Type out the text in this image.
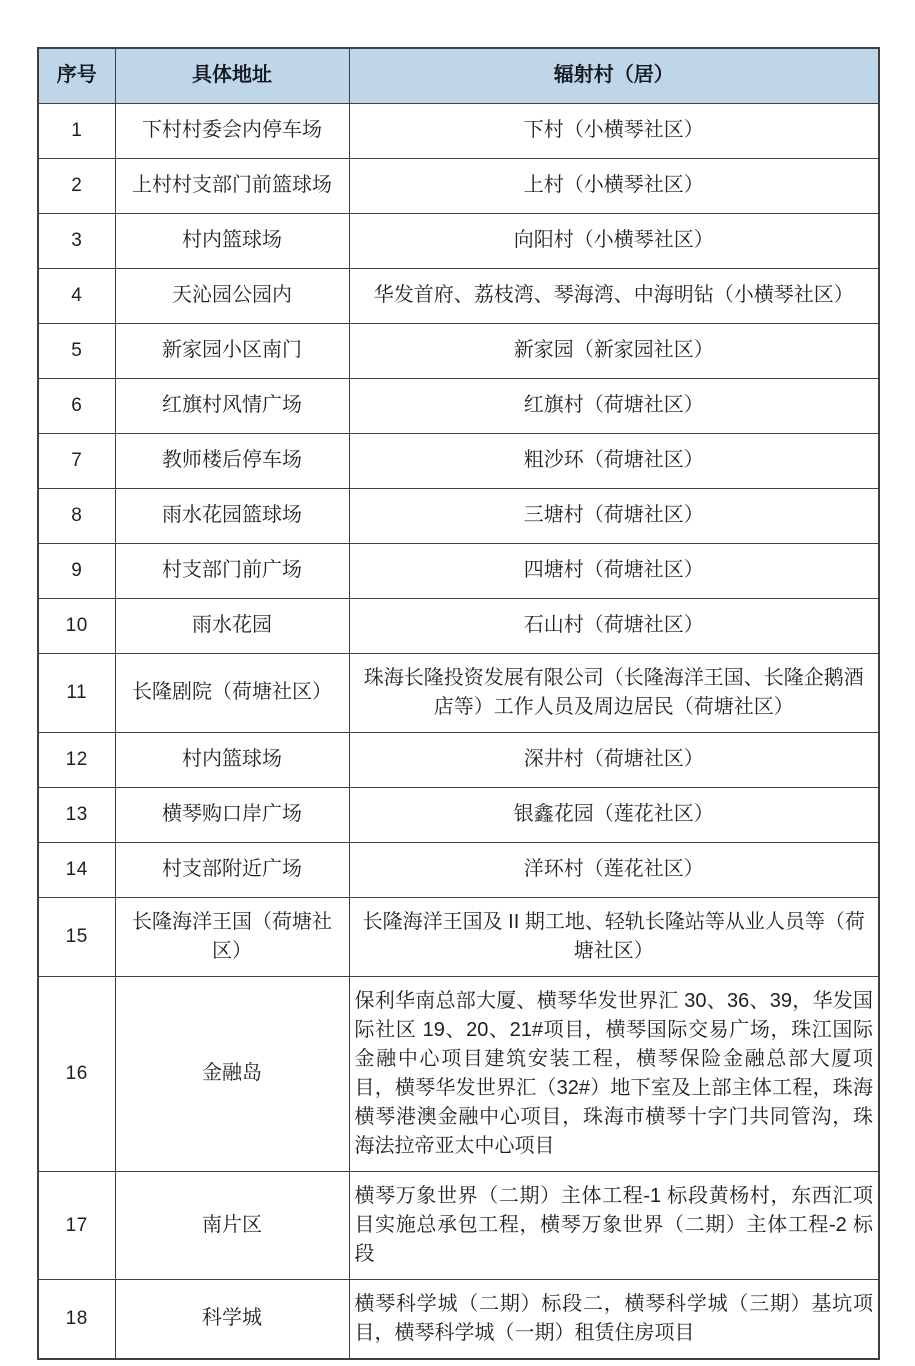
序号	具体地址	辐射村（居）
1	下村村委会内停车场	下村（小横琴社区）
2	上村村支部门前篮球场	上村（小横琴社区）
3	村内篮球场	向阳村（小横琴社区）
4	天沁园公园内	华发首府、荔枝湾、琴海湾、中海明钻（小横琴社区）
5	新家园小区南门	新家园（新家园社区）
6	红旗村风情广场	红旗村（荷塘社区）
7	教师楼后停车场	粗沙环（荷塘社区）
8	雨水花园篮球场	三塘村（荷塘社区）
9	村支部门前广场	四塘村（荷塘社区）
10	雨水花园	石山村（荷塘社区）
11	长隆剧院（荷塘社区）	珠海长隆投资发展有限公司（长隆海洋王国、长隆企鹅酒店等）工作人员及周边居民（荷塘社区）
12	村内篮球场	深井村（荷塘社区）
13	横琴购口岸广场	银鑫花园（莲花社区）
14	村支部附近广场	洋环村（莲花社区）
15	长隆海洋王国（荷塘社区）	长隆海洋王国及 II 期工地、轻轨长隆站等从业人员等（荷塘社区）
16	金融岛	保利华南总部大厦、横琴华发世界汇 30、36、39，华发国际社区 19、20、21#项目，横琴国际交易广场，珠江国际金融中心项目建筑安装工程，横琴保险金融总部大厦项目，横琴华发世界汇（32#）地下室及上部主体工程，珠海横琴港澳金融中心项目，珠海市横琴十字门共同管沟，珠海法拉帝亚太中心项目
17	南片区	横琴万象世界（二期）主体工程-1 标段黄杨村，东西汇项目实施总承包工程，横琴万象世界（二期）主体工程-2 标段
18	科学城	横琴科学城（二期）标段二，横琴科学城（三期）基坑项目，横琴科学城（一期）租赁住房项目
